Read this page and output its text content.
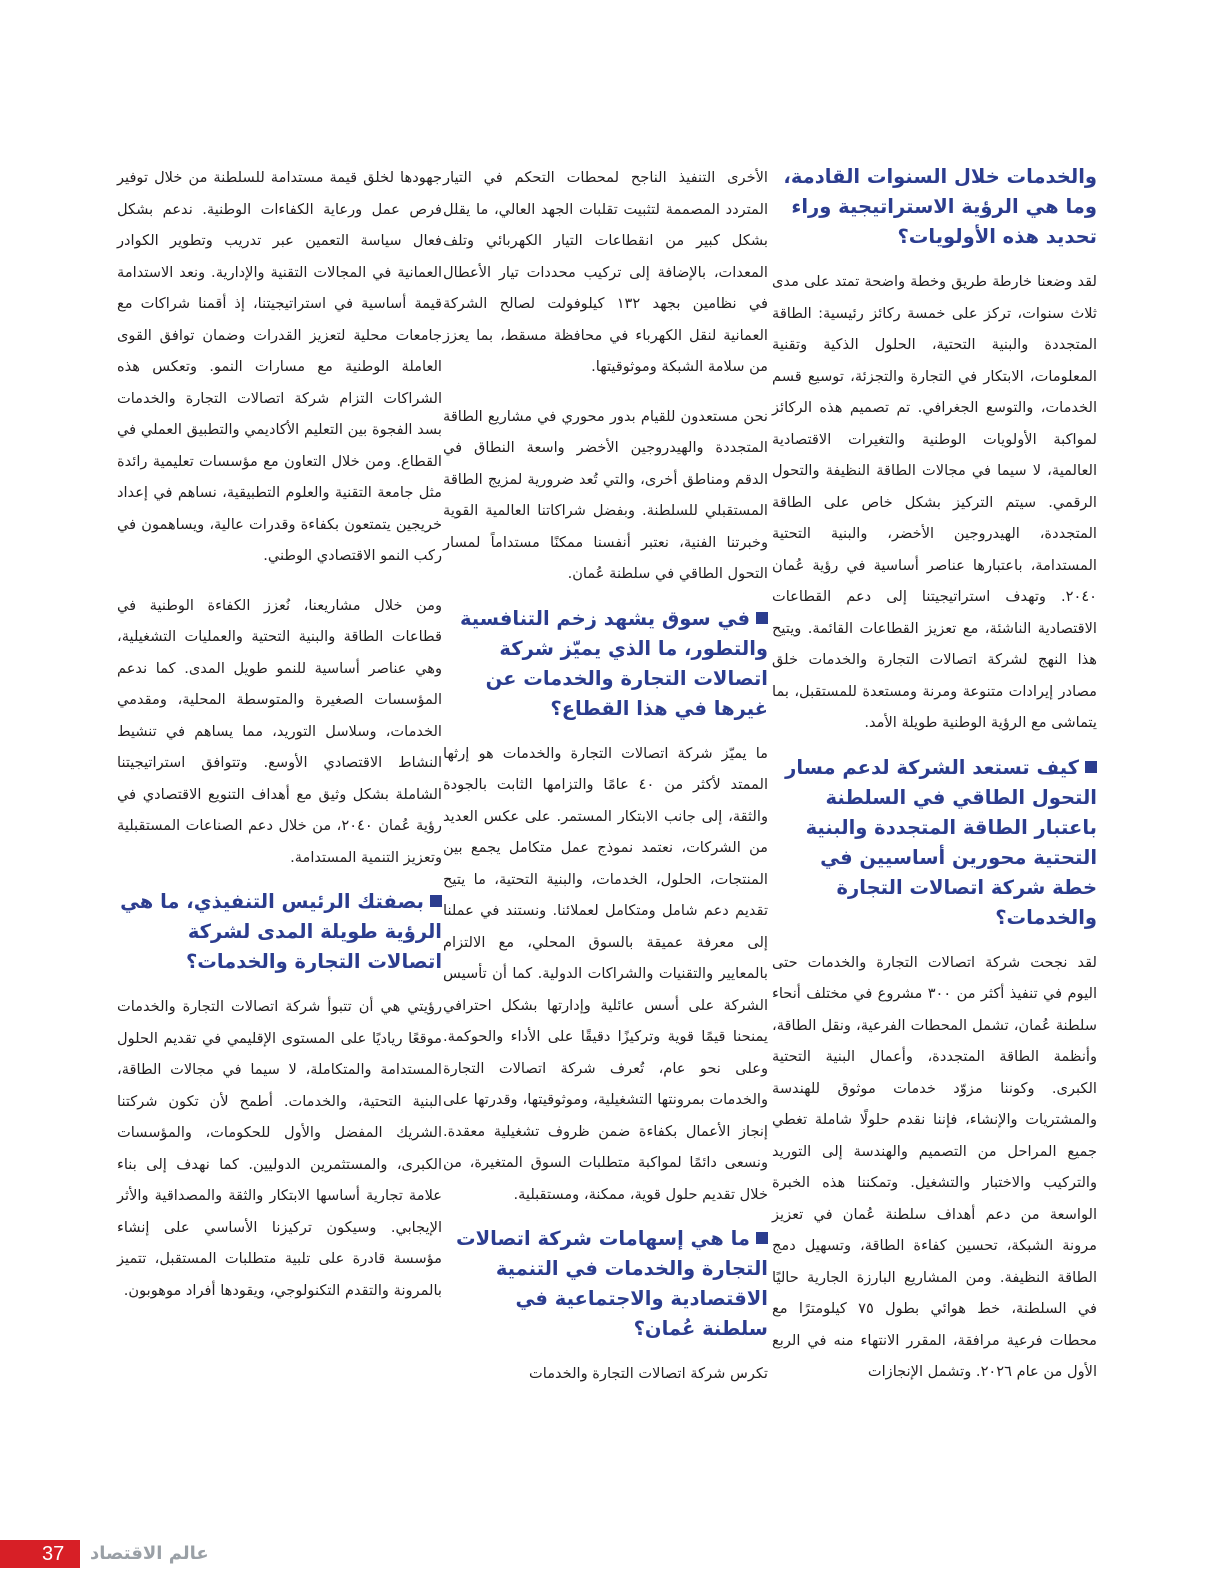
والخدمات خلال السنوات القادمة، وما هي الرؤية الاستراتيجية وراء تحديد هذه الأولويات؟

لقد وضعنا خارطة طريق وخطة واضحة تمتد على مدى ثلاث سنوات، تركز على خمسة ركائز رئيسية: الطاقة المتجددة والبنية التحتية، الحلول الذكية وتقنية المعلومات، الابتكار في التجارة والتجزئة، توسيع قسم الخدمات، والتوسع الجغرافي. تم تصميم هذه الركائز لمواكبة الأولويات الوطنية والتغيرات الاقتصادية العالمية، لا سيما في مجالات الطاقة النظيفة والتحول الرقمي. سيتم التركيز بشكل خاص على الطاقة المتجددة، الهيدروجين الأخضر، والبنية التحتية المستدامة، باعتبارها عناصر أساسية في رؤية عُمان ٢٠٤٠. وتهدف استراتيجيتنا إلى دعم القطاعات الاقتصادية الناشئة، مع تعزيز القطاعات القائمة. ويتيح هذا النهج لشركة اتصالات التجارة والخدمات خلق مصادر إيرادات متنوعة ومرنة ومستعدة للمستقبل، بما يتماشى مع الرؤية الوطنية طويلة الأمد.

كيف تستعد الشركة لدعم مسار التحول الطاقي في السلطنة باعتبار الطاقة المتجددة والبنية التحتية محورين أساسيين في خطة شركة اتصالات التجارة والخدمات؟

لقد نجحت شركة اتصالات التجارة والخدمات حتى اليوم في تنفيذ أكثر من ٣٠٠ مشروع في مختلف أنحاء سلطنة عُمان، تشمل المحطات الفرعية، ونقل الطاقة، وأنظمة الطاقة المتجددة، وأعمال البنية التحتية الكبرى. وكوننا مزوّد خدمات موثوق للهندسة والمشتريات والإنشاء، فإننا نقدم حلولًا شاملة تغطي جميع المراحل من التصميم والهندسة إلى التوريد والتركيب والاختبار والتشغيل. وتمكننا هذه الخبرة الواسعة من دعم أهداف سلطنة عُمان في تعزيز مرونة الشبكة، تحسين كفاءة الطاقة، وتسهيل دمج الطاقة النظيفة. ومن المشاريع البارزة الجارية حاليًا في السلطنة، خط هوائي بطول ٧٥ كيلومترًا مع محطات فرعية مرافقة، المقرر الانتهاء منه في الربع الأول من عام ٢٠٢٦. وتشمل الإنجازات

الأخرى التنفيذ الناجح لمحطات التحكم في التيار المتردد المصممة لتثبيت تقلبات الجهد العالي، ما يقلل بشكل كبير من انقطاعات التيار الكهربائي وتلف المعدات، بالإضافة إلى تركيب محددات تيار الأعطال في نظامين بجهد ١٣٢ كيلوفولت لصالح الشركة العمانية لنقل الكهرباء في محافظة مسقط، بما يعزز من سلامة الشبكة وموثوقيتها.

نحن مستعدون للقيام بدور محوري في مشاريع الطاقة المتجددة والهيدروجين الأخضر واسعة النطاق في الدقم ومناطق أخرى، والتي تُعد ضرورية لمزيج الطاقة المستقبلي للسلطنة. وبفضل شراكاتنا العالمية القوية وخبرتنا الفنية، نعتبر أنفسنا ممكنًا مستداماً لمسار التحول الطاقي في سلطنة عُمان.

في سوق يشهد زخم التنافسية والتطور، ما الذي يميّز شركة اتصالات التجارة والخدمات عن غيرها في هذا القطاع؟

ما يميّز شركة اتصالات التجارة والخدمات هو إرثها الممتد لأكثر من ٤٠ عامًا والتزامها الثابت بالجودة والثقة، إلى جانب الابتكار المستمر. على عكس العديد من الشركات، نعتمد نموذج عمل متكامل يجمع بين المنتجات، الحلول، الخدمات، والبنية التحتية، ما يتيح تقديم دعم شامل ومتكامل لعملائنا. ونستند في عملنا إلى معرفة عميقة بالسوق المحلي، مع الالتزام بالمعايير والتقنيات والشراكات الدولية. كما أن تأسيس الشركة على أسس عائلية وإدارتها بشكل احترافي يمنحنا قيمًا قوية وتركيزًا دقيقًا على الأداء والحوكمة. وعلى نحو عام، تُعرف شركة اتصالات التجارة والخدمات بمرونتها التشغيلية، وموثوقيتها، وقدرتها على إنجاز الأعمال بكفاءة ضمن ظروف تشغيلية معقدة. ونسعى دائمًا لمواكبة متطلبات السوق المتغيرة، من خلال تقديم حلول قوية، ممكنة، ومستقبلية.

ما هي إسهامات شركة اتصالات التجارة والخدمات في التنمية الاقتصادية والاجتماعية في سلطنة عُمان؟

تكرس شركة اتصالات التجارة والخدمات

جهودها لخلق قيمة مستدامة للسلطنة من خلال توفير فرص عمل ورعاية الكفاءات الوطنية. ندعم بشكل فعال سياسة التعمين عبر تدريب وتطوير الكوادر العمانية في المجالات التقنية والإدارية. ونعد الاستدامة قيمة أساسية في استراتيجيتنا، إذ أقمنا شراكات مع جامعات محلية لتعزيز القدرات وضمان توافق القوى العاملة الوطنية مع مسارات النمو. وتعكس هذه الشراكات التزام شركة اتصالات التجارة والخدمات بسد الفجوة بين التعليم الأكاديمي والتطبيق العملي في القطاع. ومن خلال التعاون مع مؤسسات تعليمية رائدة مثل جامعة التقنية والعلوم التطبيقية، نساهم في إعداد خريجين يتمتعون بكفاءة وقدرات عالية، ويساهمون في ركب النمو الاقتصادي الوطني.

ومن خلال مشاريعنا، نُعزز الكفاءة الوطنية في قطاعات الطاقة والبنية التحتية والعمليات التشغيلية، وهي عناصر أساسية للنمو طويل المدى. كما ندعم المؤسسات الصغيرة والمتوسطة المحلية، ومقدمي الخدمات، وسلاسل التوريد، مما يساهم في تنشيط النشاط الاقتصادي الأوسع. وتتوافق استراتيجيتنا الشاملة بشكل وثيق مع أهداف التنويع الاقتصادي في رؤية عُمان ٢٠٤٠، من خلال دعم الصناعات المستقبلية وتعزيز التنمية المستدامة.

بصفتك الرئيس التنفيذي، ما هي الرؤية طويلة المدى لشركة اتصالات التجارة والخدمات؟

رؤيتي هي أن تتبوأ شركة اتصالات التجارة والخدمات موقعًا رياديًا على المستوى الإقليمي في تقديم الحلول المستدامة والمتكاملة، لا سيما في مجالات الطاقة، البنية التحتية، والخدمات. أطمح لأن تكون شركتنا الشريك المفضل والأول للحكومات، والمؤسسات الكبرى، والمستثمرين الدوليين. كما نهدف إلى بناء علامة تجارية أساسها الابتكار والثقة والمصداقية والأثر الإيجابي. وسيكون تركيزنا الأساسي على إنشاء مؤسسة قادرة على تلبية متطلبات المستقبل، تتميز بالمرونة والتقدم التكنولوجي، ويقودها أفراد موهوبون.

37 عالم الاقتصاد
